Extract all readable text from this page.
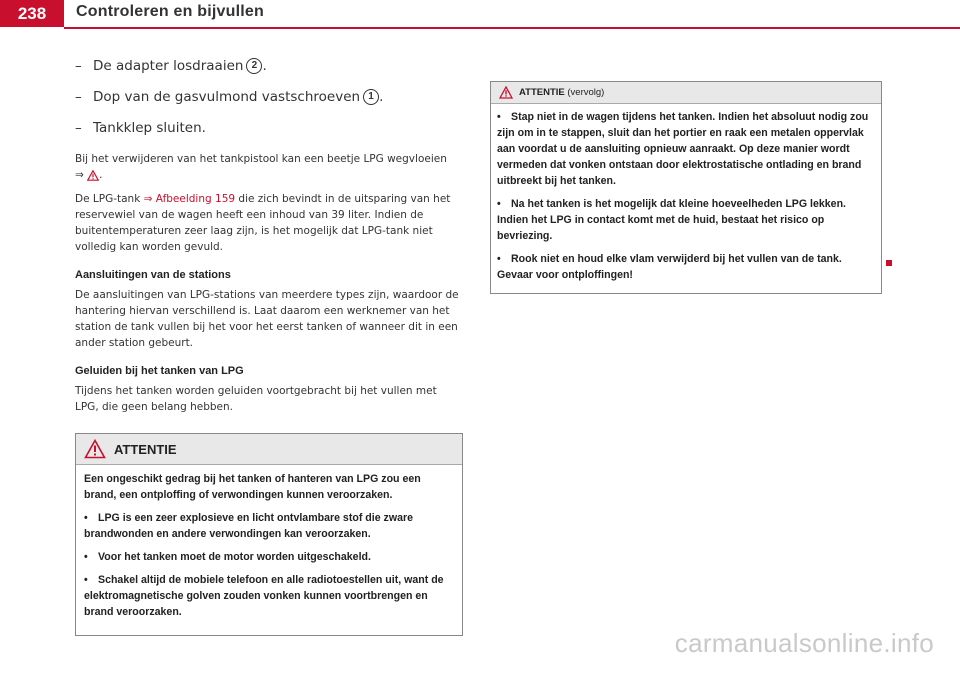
238	Controleren en bijvullen
– De adapter losdraaien 2 .
– Dop van de gasvulmond vastschroeven 1 .
– Tankklep sluiten.

Bij het verwijderen van het tankpistool kan een beetje LPG wegvloeien
⇒ .

De LPG-tank ⇒ Afbeelding 159 die zich bevindt in de uitsparing van het reservewiel van de wagen heeft een inhoud van 39 liter. Indien de buitentemperaturen zeer laag zijn, is het mogelijk dat LPG-tank niet volledig kan worden gevuld.

Aansluitingen van de stations

De aansluitingen van LPG-stations van meerdere types zijn, waardoor de hantering hiervan verschillend is. Laat daarom een werknemer van het station de tank vullen bij het voor het eerst tanken of wanneer dit in een ander station gebeurt.

Geluiden bij het tanken van LPG

Tijdens het tanken worden geluiden voortgebracht bij het vullen met LPG, die geen belang hebben.

ATTENTIE

Een ongeschikt gedrag bij het tanken of hanteren van LPG zou een brand, een ontploffing of verwondingen kunnen veroorzaken.

• LPG is een zeer explosieve en licht ontvlambare stof die zware brandwonden en andere verwondingen kan veroorzaken.

• Voor het tanken moet de motor worden uitgeschakeld.

• Schakel altijd de mobiele telefoon en alle radiotoestellen uit, want de elektromagnetische golven zouden vonken kunnen voortbrengen en brand veroorzaken.

ATTENTIE (vervolg)

• Stap niet in de wagen tijdens het tanken. Indien het absoluut nodig zou zijn om in te stappen, sluit dan het portier en raak een metalen oppervlak aan voordat u de aansluiting opnieuw aanraakt. Op deze manier wordt vermeden dat vonken ontstaan door elektrostatische ontlading en brand uitbreekt bij het tanken.

• Na het tanken is het mogelijk dat kleine hoeveelheden LPG lekken. Indien het LPG in contact komt met de huid, bestaat het risico op bevriezing.

• Rook niet en houd elke vlam verwijderd bij het vullen van de tank. Gevaar voor ontploffingen!

carmanualsonline.info
